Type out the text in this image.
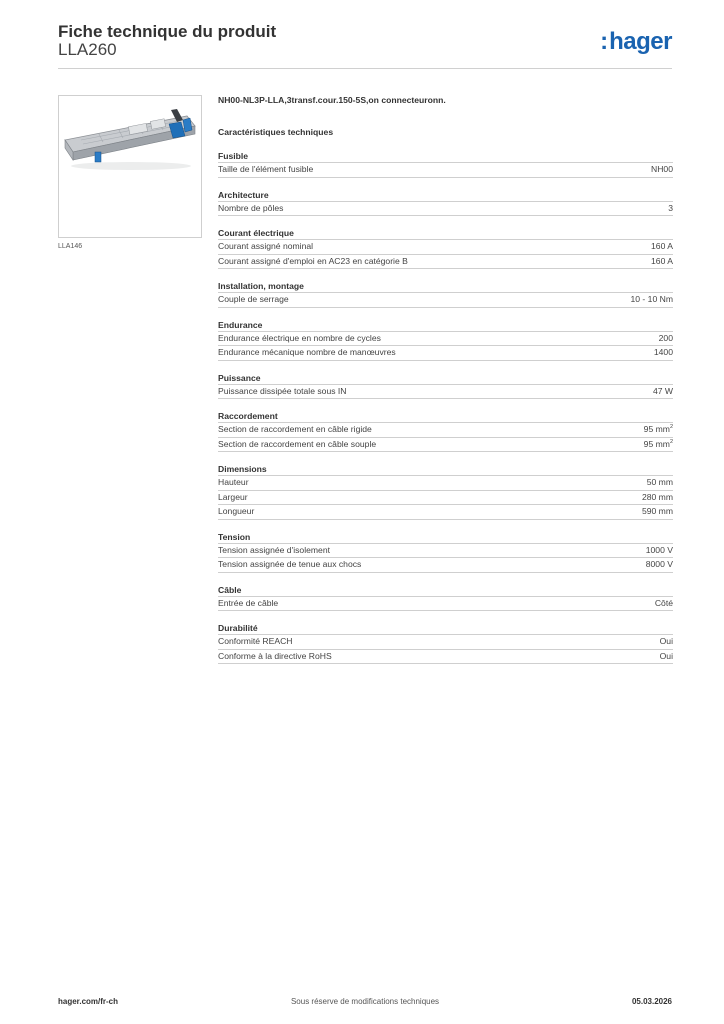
Fiche technique du produit
LLA260	: hager
LLA146
NH00-NL3P-LLA,3transf.cour.150-5S,on connecteuronn.
Caractéristiques techniques
Fusible
Taille de l'élément fusible	NH00
Architecture
Nombre de pôles	3
Courant électrique
Courant assigné nominal	160 A
Courant assigné d'emploi en AC23 en catégorie B	160 A
Installation, montage
Couple de serrage	10 - 10 Nm
Endurance
Endurance électrique en nombre de cycles	200
Endurance mécanique nombre de manœuvres	1400
Puissance
Puissance dissipée totale sous IN	47 W
Raccordement
Section de raccordement en câble rigide	95 $mm^2$
Section de raccordement en câble souple	95 $mm^2$
Dimensions
Hauteur	50 mm
Largeur	280 mm
Longueur	590 mm
Tension
Tension assignée d'isolement	1000 V
Tension assignée de tenue aux chocs	8000 V
Câble
Entrée de câble	Côté
Durabilité
Conformité REACH	Oui
Conforme à la directive RoHS	Oui
hager.com/fr-ch	Sous réserve de modifications techniques	05.03.2026
